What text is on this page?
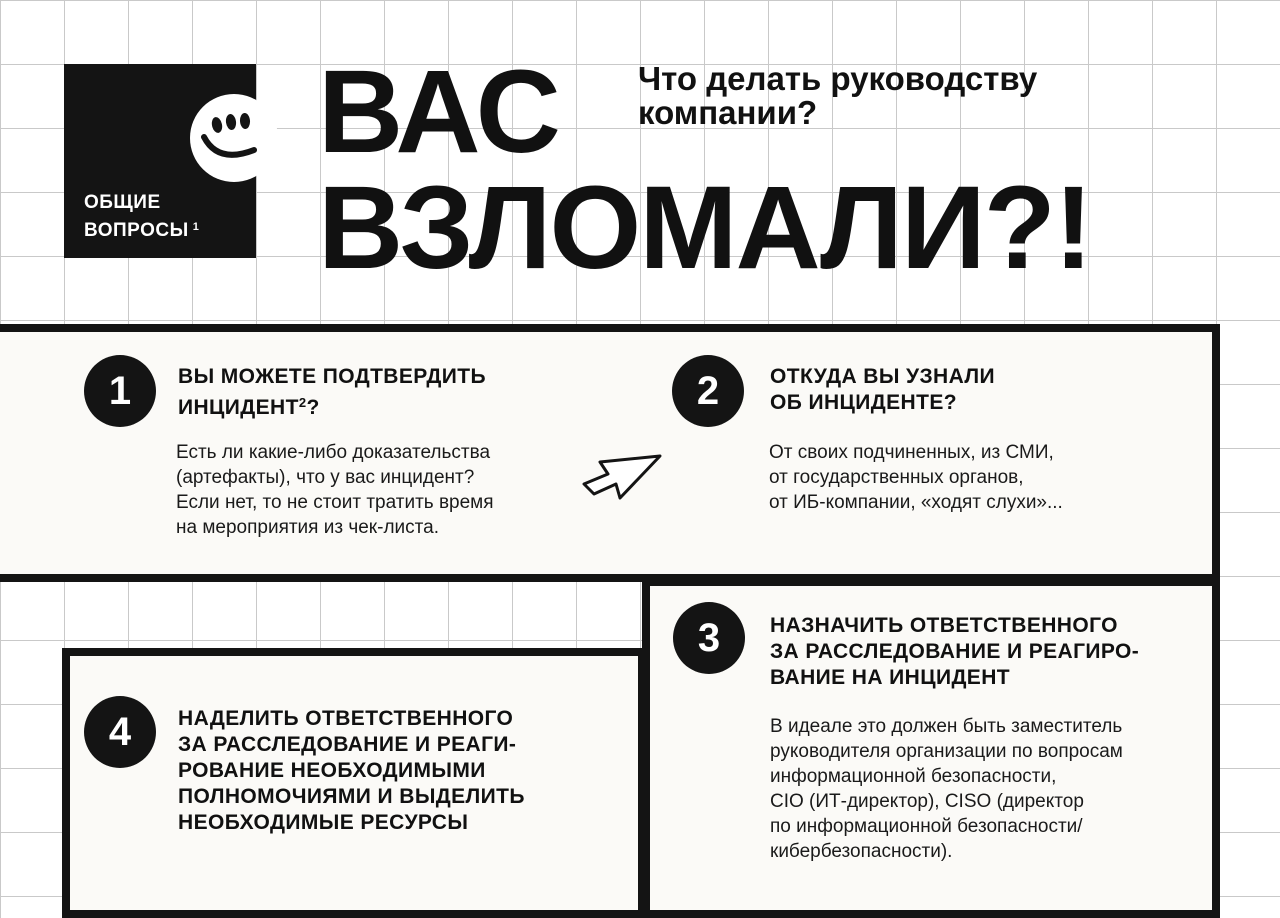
ОБЩИЕ
ВОПРОСЫ $^1$
ВАС
ВЗЛОМАЛИ?!
Что делать руководству
компании?
1	ВЫ МОЖЕТЕ ПОДТВЕРДИТЬ
ИНЦИДЕНТ$^2$?
Есть ли какие-либо доказательства
(артефакты), что у вас инцидент?
Если нет, то не стоит тратить время
на мероприятия из чек-листа.
2	ОТКУДА ВЫ УЗНАЛИ
ОБ ИНЦИДЕНТЕ?
От своих подчиненных, из СМИ,
от государственных органов,
от ИБ-компании, «ходят слухи»...
3	НАЗНАЧИТЬ ОТВЕТСТВЕННОГО
ЗА РАССЛЕДОВАНИЕ И РЕАГИРО-
ВАНИЕ НА ИНЦИДЕНТ
В идеале это должен быть заместитель
руководителя организации по вопросам
информационной безопасности,
CIO (ИТ-директор), CISO (директор
по информационной безопасности/
кибербезопасности).
4	НАДЕЛИТЬ ОТВЕТСТВЕННОГО
ЗА РАССЛЕДОВАНИЕ И РЕАГИ-
РОВАНИЕ НЕОБХОДИМЫМИ
ПОЛНОМОЧИЯМИ И ВЫДЕЛИТЬ
НЕОБХОДИМЫЕ РЕСУРСЫ
